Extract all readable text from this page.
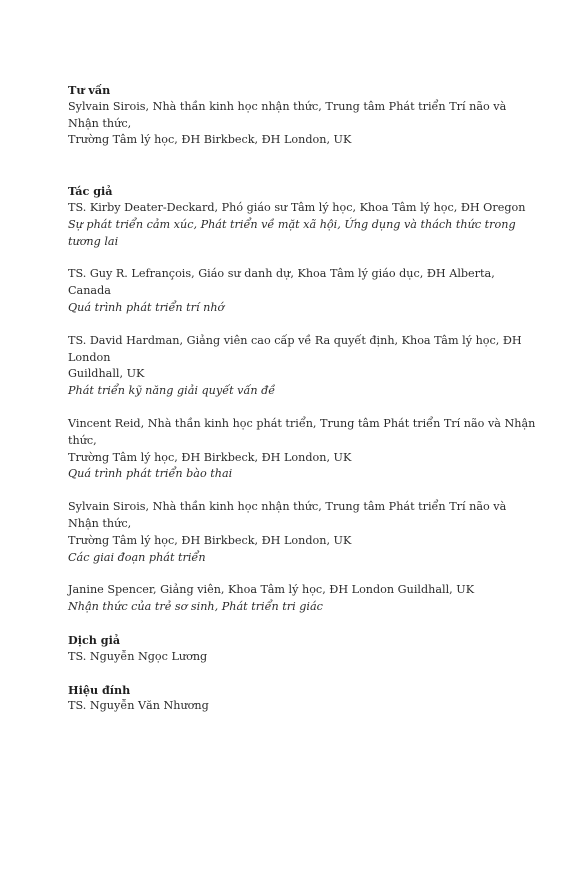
Tư vấn

Sylvain Sirois, Nhà thần kinh học nhận thức, Trung tâm Phát triển Trí não và Nhận thức,

Trường Tâm lý học, ĐH Birkbeck, ĐH London, UK

Tác giả

TS. Kirby Deater-Deckard, Phó giáo sư Tâm lý học, Khoa Tâm lý học, ĐH Oregon

Sự phát triển cảm xúc, Phát triển về mặt xã hội, Ứng dụng và thách thức trong tương lai

TS. Guy R. Lefrançois, Giáo sư danh dự, Khoa Tâm lý giáo dục, ĐH Alberta, Canada

Quá trình phát triển trí nhớ

TS. David Hardman, Giảng viên cao cấp về Ra quyết định, Khoa Tâm lý học, ĐH London

Guildhall, UK

Phát triển kỹ năng giải quyết vấn đề

Vincent Reid, Nhà thần kinh học phát triển, Trung tâm Phát triển Trí não và Nhận thức,

Trường Tâm lý học, ĐH Birkbeck, ĐH London, UK

Quá trình phát triển bào thai

Sylvain Sirois, Nhà thần kinh học nhận thức, Trung tâm Phát triển Trí não và Nhận thức,

Trường Tâm lý học, ĐH Birkbeck, ĐH London, UK

Các giai đoạn phát triển

Janine Spencer, Giảng viên, Khoa Tâm lý học, ĐH London Guildhall, UK

Nhận thức của trẻ sơ sinh, Phát triển tri giác

Dịch giả

TS. Nguyễn Ngọc Lương

Hiệu đính

TS. Nguyễn Văn Nhương
